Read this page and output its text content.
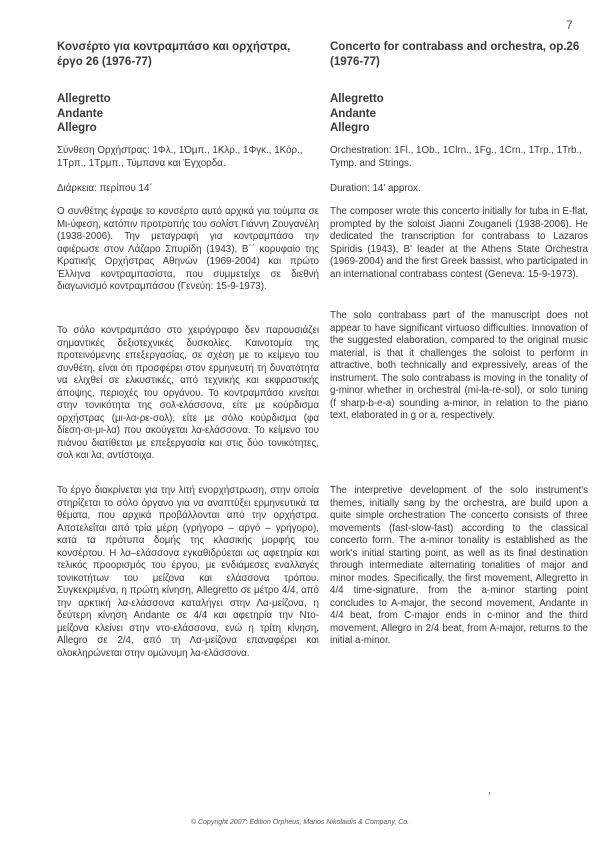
7
Κονσέρτο για κοντραμπάσο και ορχήστρα, έργο 26 (1976-77)
Allegretto
Andante
Allegro
Σύνθεση Ορχήστρας: 1Φλ., 1Όμπ., 1Κλρ., 1Φγκ., 1Κόρ., 1Τρπ., 1Τρμπ., Τύμπανα και Έγχορδα.
Διάρκεια: περίπου 14΄

Ο συνθέτης έγραψε το κονσέρτο αυτό αρχικά για τούμπα σε Μι-ύφεση, κατόπιν προτροπής του σολίστ Γιάννη Ζουγανέλη (1938-2006). Την μεταγραφή για κοντραμπάσο την αφιέρωσε στον Λάζαρο Σπυρίδη (1943), Β΄΄ κορυφαίο της Κρατικής Ορχήστρας Αθηνών (1969-2004) και πρώτο Έλληνα κοντραμπασίστα, που συμμετείχε σε διεθνή διαγωνισμό κοντραμπάσου (Γενεύη: 15-9-1973).

Το σόλο κοντραμπάσο στο χειρόγραφο δεν παρουσιάζει σημαντικές δεξιοτεχνικές δυσκολίες. Καινοτομία της προτεινόμενης επεξεργασίας, σε σχέση με το κείμενο του συνθέτη, είναι ότι προσφέρει στον ερμηνευτή τη δυνατότητα να ελιχθεί σε ελκυστικές, από τεχνικής και εκφραστικής άποψης, περιοχές του οργάνου. Το κοντραμπάσο κινείται στην τονικότητα της σολ-ελάσσονα, είτε με κούρδισμα ορχήστρας (μι-λα-ρε-σολ), είτε με σόλο κούρδισμα (φα δίεση-σι-μι-λα) που ακούγεται λα-ελάσσονα. Το κείμενο του πιάνου διατίθεται με επεξεργασία και στις δύο τονικότητες, σολ και λα, αντίστοιχα.

Το έργο διακρίνεται για την λιτή ενορχήστρωση, στην οποία στηρίζεται το σόλο όργανο για να αναπτύξει ερμηνευτικά τα θέματα, που αρχικά προβάλλονται από την ορχήστρα. Αποτελείται από τρία μέρη (γρήγορο – αργό – γρήγορο), κατά τα πρότυπα δομής της κλασικής μορφής του κονσέρτου. Η λα–ελάσσονα εγκαθιδρύεται ως αφετηρία και τελικός προορισμός του έργου, με ενδιάμεσες εναλλαγές τονικοτήτων του μείζονα και ελάσσονα τρόπου. Συγκεκριμένα, η πρώτη κίνηση, Allegretto σε μέτρο 4/4, από την αρκτική λα-ελάσσονα καταλήγει στην Λα-μείζονα, η δεύτερη κίνηση Andante σε 4/4 και αφετηρία την Ντο-μείζονα κλείνει στην ντο-ελάσσονα, ενώ η τρίτη κίνηση, Allegro σε 2/4, από τη Λα-μείζονα επαναφέρει και ολοκληρώνεται στην ομώνυμη λα-ελάσσονα.

Concerto for contrabass and orchestra, op.26 (1976-77)
Allegretto
Andante
Allegro
Orchestration: 1Fl., 1Ob., 1Clrn., 1Fg., 1Crn., 1Trp., 1Trb., Tymp. and Strings.
Duration: 14' approx.

The composer wrote this concerto initially for tuba in E-flat, prompted by the soloist Jianni Zouganeli (1938-2006). He dedicated the transcription for contrabass to Lazaros Spiridis (1943), B' leader at the Athens State Orchestra (1969-2004) and the first Greek bassist, who participated in an international contrabass contest (Geneva: 15-9-1973).

The solo contrabass part of the manuscript does not appear to have significant virtuoso difficulties. Innovation of the suggested elaboration, compared to the original music material, is that it challenges the soloist to perform in attractive, both technically and expressively, areas of the instrument. The solo contrabass is moving in the tonality of g-minor whether in orchestral (mi-la-re-sol), or solo tuning (f sharp-b-e-a) sounding a-minor, in relation to the piano text, elaborated in g or a, respectively.

The interpretive development of the solo instrument's themes, initially sang by the orchestra, are build upon a quite simple orchestration The concerto consists of three movements (fast-slow-fast) according to the classical concerto form. The a-minor tonality is established as the work's initial starting point, as well as its final destination through intermediate alternating tonalities of major and minor modes. Specifically, the first movement, Allegretto in 4/4 time-signature, from the a-minor starting point concludes to A-major, the second movement, Andante in 4/4 beat, from C-major ends in c-minor and the third movement, Allegro in 2/4 beat, from A-major, returns to the initial a-minor.

© Copyright 2007: Edition Orpheus, Marios Nikolaidis & Company, Co.
